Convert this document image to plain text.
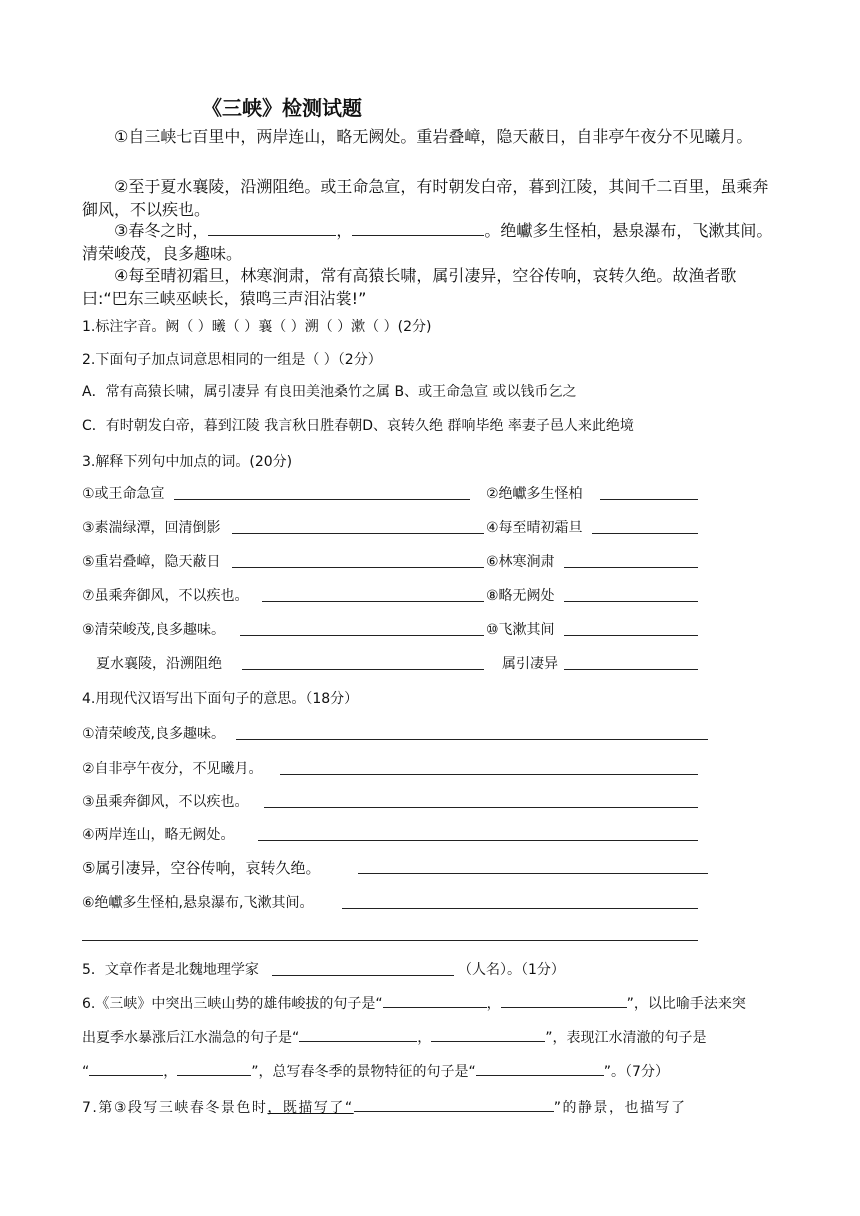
《三峡》检测试题
①自三峡七百里中，两岸连山，略无阙处。重岩叠嶂，隐天蔽日，自非亭午夜分不见曦月。
②至于夏水襄陵，沿溯阻绝。或王命急宣，有时朝发白帝，暮到江陵，其间千二百里，虽乘奔御风，不以疾也。
③春冬之时，	，	。绝巘多生怪柏，悬泉瀑布，飞漱其间。清荣峻茂，良多趣味。
④每至晴初霜旦，林寒涧肃，常有高猿长啸，属引凄异，空谷传响，哀转久绝。故渔者歌曰:“巴东三峡巫峡长，猿鸣三声泪沾裳!”
1.标注字音。阙（ ）曦（ ）襄（ ）溯（ ）漱（ ）(2分)
2.下面句子加点词意思相同的一组是（ ）（2分）
A．常有高猿长啸，属引凄异 有良田美池桑竹之属 B、或王命急宣 或以钱币乞之
C．有时朝发白帝，暮到江陵 我言秋日胜春朝D、哀转久绝 群响毕绝 率妻子邑人来此绝境
3.解释下列句中加点的词。(20分)
①或王命急宣	②绝巘多生怪柏
③素湍绿潭，回清倒影	④每至晴初霜旦
⑤重岩叠嶂，隐天蔽日	⑥林寒涧肃
⑦虽乘奔御风，不以疾也。	⑧略无阙处
⑨清荣峻茂,良多趣味。	⑩飞漱其间
夏水襄陵，沿溯阻绝	属引凄异
4.用现代汉语写出下面句子的意思。（18分）
①清荣峻茂,良多趣味。
②自非亭午夜分，不见曦月。
③虽乘奔御风，不以疾也。
④两岸连山，略无阙处。
⑤属引凄异，空谷传响，哀转久绝。
⑥绝巘多生怪柏,悬泉瀑布,飞漱其间。
5．文章作者是北魏地理学家	（人名）。（1分）
6.《三峡》中突出三峡山势的雄伟峻拔的句子是“	，	”，以比喻手法来突
出夏季水暴涨后江水湍急的句子是“	，	”，表现江水清澈的句子是
“	，	”，总写春冬季的景物特征的句子是“	”。（7分）
7.第③段写三峡春冬景色时，既描写了“	”的静景，也描写了
